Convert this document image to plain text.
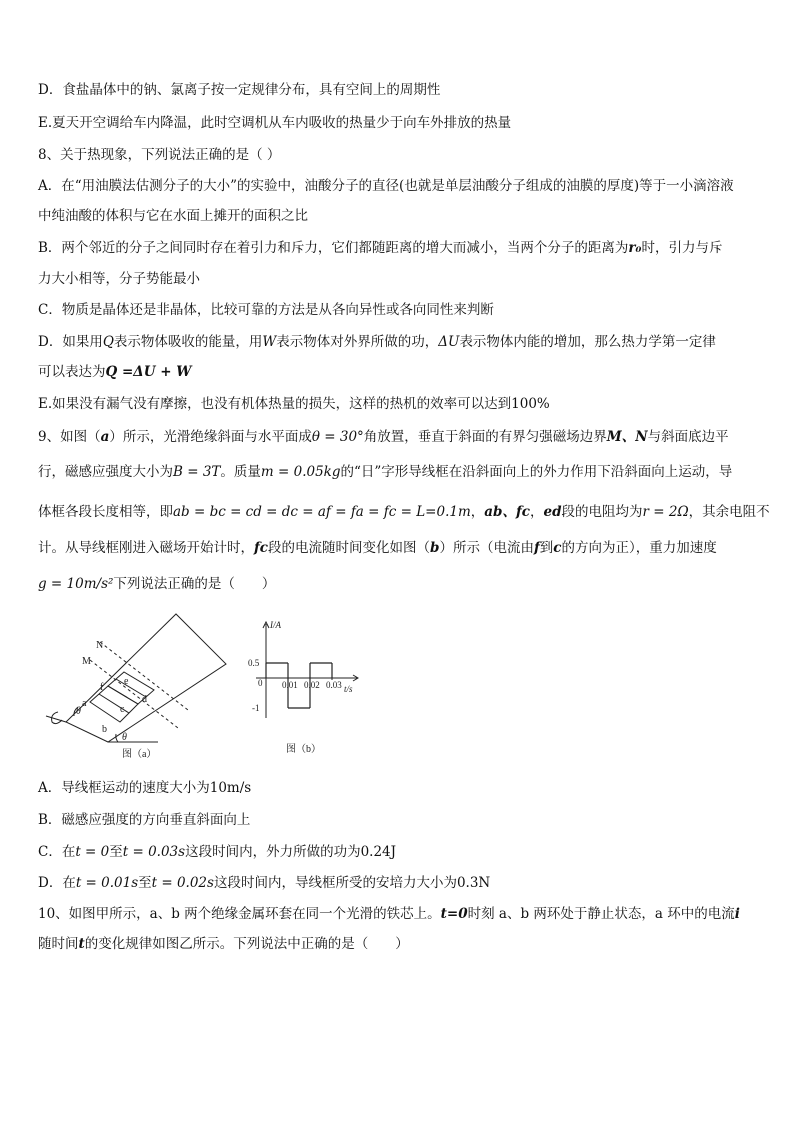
D．食盐晶体中的钠、氯离子按一定规律分布，具有空间上的周期性
E.夏天开空调给车内降温，此时空调机从车内吸收的热量少于向车外排放的热量
8、关于热现象，下列说法正确的是（ ）
A．在“用油膜法估测分子的大小”的实验中，油酸分子的直径(也就是单层油酸分子组成的油膜的厚度)等于一小滴溶液
中纯油酸的体积与它在水面上摊开的面积之比
B．两个邻近的分子之间同时存在着引力和斥力，它们都随距离的增大而减小，当两个分子的距离为r₀时，引力与斥
力大小相等，分子势能最小
C．物质是晶体还是非晶体，比较可靠的方法是从各向异性或各向同性来判断
D．如果用Q表示物体吸收的能量，用W表示物体对外界所做的功，ΔU表示物体内能的增加，那么热力学第一定律
可以表达为Q =ΔU + W
E.如果没有漏气没有摩擦，也没有机体热量的损失，这样的热机的效率可以达到100%
9、如图（a）所示，光滑绝缘斜面与水平面成θ = 30°角放置，垂直于斜面的有界匀强磁场边界M、N与斜面底边平
行，磁感应强度大小为B = 3T。质量m = 0.05kg的“日”字形导线框在沿斜面向上的外力作用下沿斜面向上运动，导
体框各段长度相等，即ab = bc = cd = dc = af = fa = fc = L=0.1m，ab、fc，ed段的电阻均为r = 2Ω，其余电阻不
计。从导线框刚进入磁场开始计时，fc段的电流随时间变化如图（b）所示（电流由f到c的方向为正），重力加速度
g = 10m/s²下列说法正确的是（　　）
N
M
a
b
c
d
e
f
θ
θ
图（a）
I/A
t/s
0
0.5
-1
0.01 0.02 0.03
图（b）
A．导线框运动的速度大小为10m/s
B．磁感应强度的方向垂直斜面向上
C．在t = 0至t = 0.03s这段时间内，外力所做的功为0.24J
D．在t = 0.01s至t = 0.02s这段时间内，导线框所受的安培力大小为0.3N
10、如图甲所示，a、b 两个绝缘金属环套在同一个光滑的铁芯上。t=0时刻 a、b 两环处于静止状态，a 环中的电流i
随时间t的变化规律如图乙所示。下列说法中正确的是（　　）
